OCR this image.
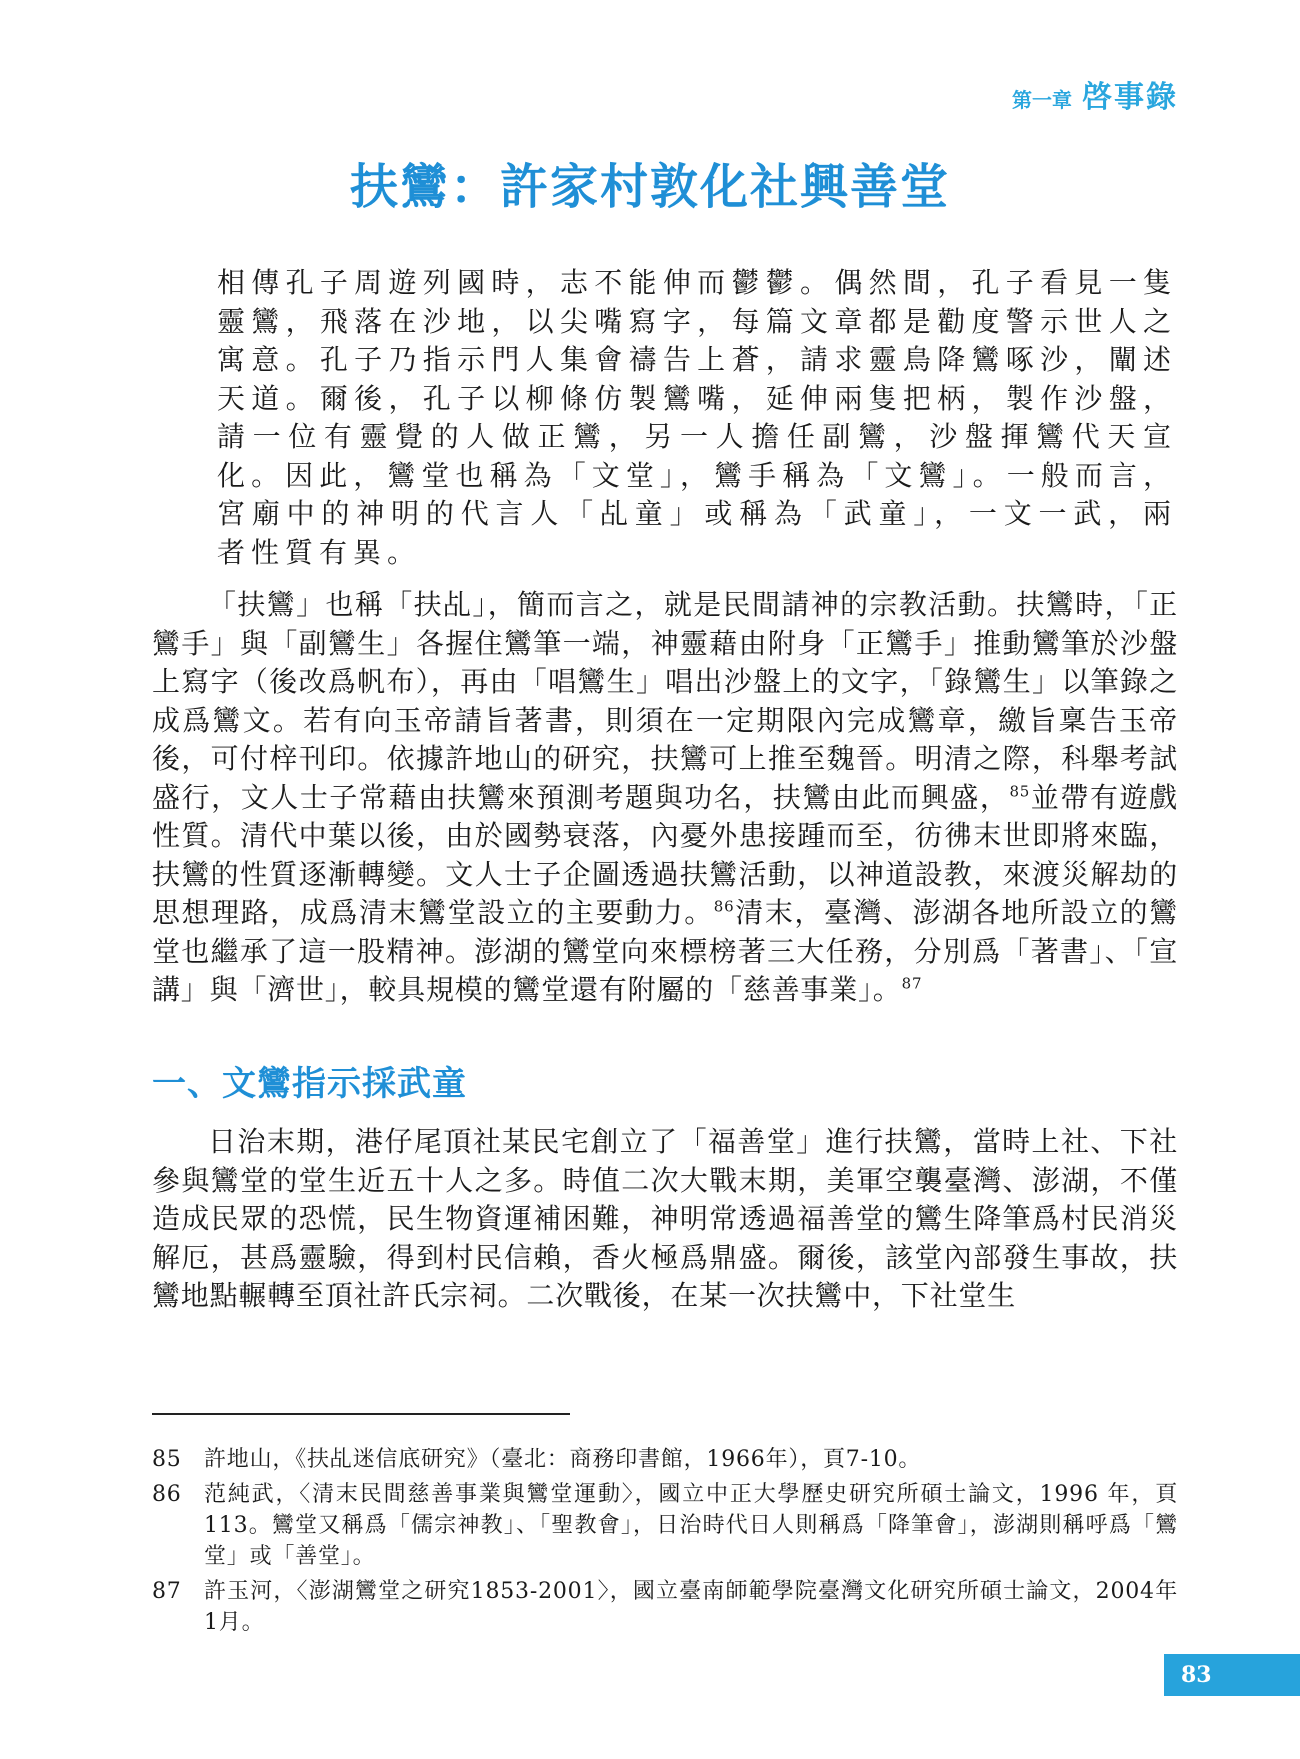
第一章 啓事錄
扶鸞：許家村敦化社興善堂

相傳孔子周遊列國時，志不能伸而鬱鬱。偶然間，孔子看見一隻靈鸞，飛落在沙地，以尖嘴寫字，每篇文章都是勸度警示世人之寓意。孔子乃指示門人集會禱告上蒼，請求靈鳥降鸞啄沙，闡述天道。爾後，孔子以柳條仿製鸞嘴，延伸兩隻把柄，製作沙盤，請一位有靈覺的人做正鸞，另一人擔任副鸞，沙盤揮鸞代天宣化。因此，鸞堂也稱為「文堂」，鸞手稱為「文鸞」。一般而言，宮廟中的神明的代言人「乩童」或稱為「武童」，一文一武，兩者性質有異。

「扶鸞」也稱「扶乩」，簡而言之，就是民間請神的宗教活動。扶鸞時，「正鸞手」與「副鸞生」各握住鸞筆一端，神靈藉由附身「正鸞手」推動鸞筆於沙盤上寫字（後改爲帆布），再由「唱鸞生」唱出沙盤上的文字，「錄鸞生」以筆錄之成爲鸞文。若有向玉帝請旨著書，則須在一定期限內完成鸞章，繳旨稟告玉帝後，可付梓刊印。依據許地山的研究，扶鸞可上推至魏晉。明清之際，科舉考試盛行，文人士子常藉由扶鸞來預測考題與功名，扶鸞由此而興盛，$^{85}$並帶有遊戲性質。清代中葉以後，由於國勢衰落，內憂外患接踵而至，彷彿末世即將來臨，扶鸞的性質逐漸轉變。文人士子企圖透過扶鸞活動，以神道設教，來渡災解劫的思想理路，成爲清末鸞堂設立的主要動力。$^{86}$清末，臺灣、澎湖各地所設立的鸞堂也繼承了這一股精神。澎湖的鸞堂向來標榜著三大任務，分別爲「著書」、「宣講」與「濟世」，較具規模的鸞堂還有附屬的「慈善事業」。$^{87}$

一、文鸞指示採武童

日治末期，港仔尾頂社某民宅創立了「福善堂」進行扶鸞，當時上社、下社參與鸞堂的堂生近五十人之多。時值二次大戰末期，美軍空襲臺灣、澎湖，不僅造成民眾的恐慌，民生物資運補困難，神明常透過福善堂的鸞生降筆爲村民消災解厄，甚爲靈驗，得到村民信賴，香火極爲鼎盛。爾後，該堂內部發生事故，扶鸞地點輾轉至頂社許氏宗祠。二次戰後，在某一次扶鸞中，下社堂生

85	許地山，《扶乩迷信底研究》（臺北：商務印書館，1966年），頁7-10。
86	范純武，〈清末民間慈善事業與鸞堂運動〉，國立中正大學歷史研究所碩士論文，1996 年，頁113。鸞堂又稱爲「儒宗神教」、「聖教會」，日治時代日人則稱爲「降筆會」，澎湖則稱呼爲「鸞堂」或「善堂」。
87	許玉河，〈澎湖鸞堂之研究1853-2001〉，國立臺南師範學院臺灣文化研究所碩士論文，2004年1月。
83
